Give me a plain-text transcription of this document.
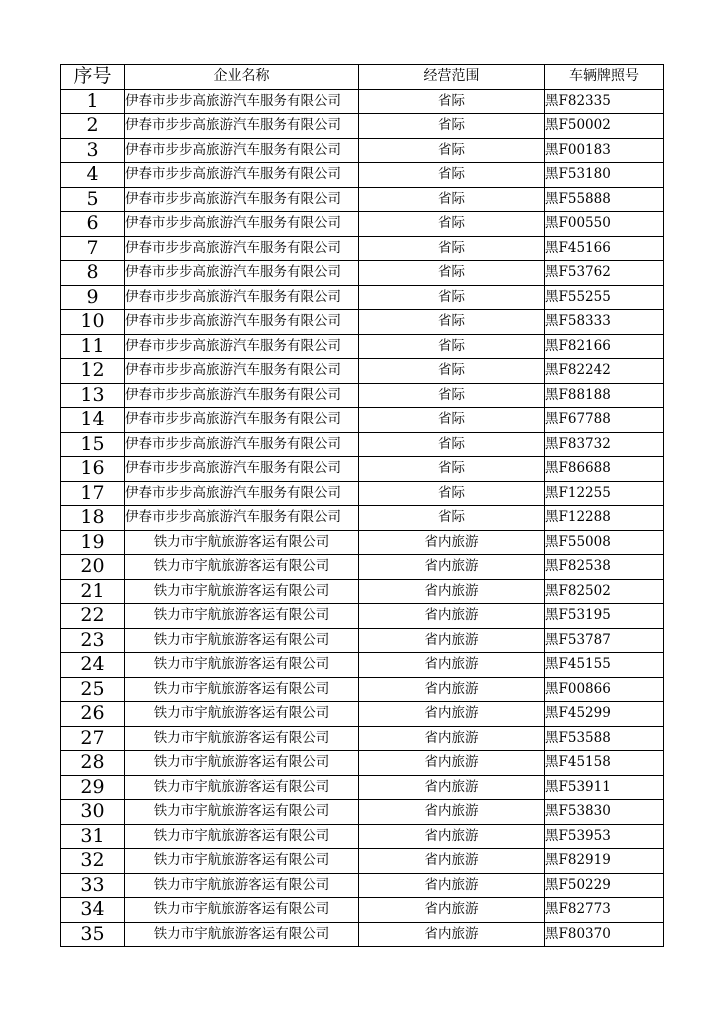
序号	企业名称	经营范围	车辆牌照号
1	伊春市步步高旅游汽车服务有限公司	省际	黑F82335
2	伊春市步步高旅游汽车服务有限公司	省际	黑F50002
3	伊春市步步高旅游汽车服务有限公司	省际	黑F00183
4	伊春市步步高旅游汽车服务有限公司	省际	黑F53180
5	伊春市步步高旅游汽车服务有限公司	省际	黑F55888
6	伊春市步步高旅游汽车服务有限公司	省际	黑F00550
7	伊春市步步高旅游汽车服务有限公司	省际	黑F45166
8	伊春市步步高旅游汽车服务有限公司	省际	黑F53762
9	伊春市步步高旅游汽车服务有限公司	省际	黑F55255
10	伊春市步步高旅游汽车服务有限公司	省际	黑F58333
11	伊春市步步高旅游汽车服务有限公司	省际	黑F82166
12	伊春市步步高旅游汽车服务有限公司	省际	黑F82242
13	伊春市步步高旅游汽车服务有限公司	省际	黑F88188
14	伊春市步步高旅游汽车服务有限公司	省际	黑F67788
15	伊春市步步高旅游汽车服务有限公司	省际	黑F83732
16	伊春市步步高旅游汽车服务有限公司	省际	黑F86688
17	伊春市步步高旅游汽车服务有限公司	省际	黑F12255
18	伊春市步步高旅游汽车服务有限公司	省际	黑F12288
19	铁力市宇航旅游客运有限公司	省内旅游	黑F55008
20	铁力市宇航旅游客运有限公司	省内旅游	黑F82538
21	铁力市宇航旅游客运有限公司	省内旅游	黑F82502
22	铁力市宇航旅游客运有限公司	省内旅游	黑F53195
23	铁力市宇航旅游客运有限公司	省内旅游	黑F53787
24	铁力市宇航旅游客运有限公司	省内旅游	黑F45155
25	铁力市宇航旅游客运有限公司	省内旅游	黑F00866
26	铁力市宇航旅游客运有限公司	省内旅游	黑F45299
27	铁力市宇航旅游客运有限公司	省内旅游	黑F53588
28	铁力市宇航旅游客运有限公司	省内旅游	黑F45158
29	铁力市宇航旅游客运有限公司	省内旅游	黑F53911
30	铁力市宇航旅游客运有限公司	省内旅游	黑F53830
31	铁力市宇航旅游客运有限公司	省内旅游	黑F53953
32	铁力市宇航旅游客运有限公司	省内旅游	黑F82919
33	铁力市宇航旅游客运有限公司	省内旅游	黑F50229
34	铁力市宇航旅游客运有限公司	省内旅游	黑F82773
35	铁力市宇航旅游客运有限公司	省内旅游	黑F80370
